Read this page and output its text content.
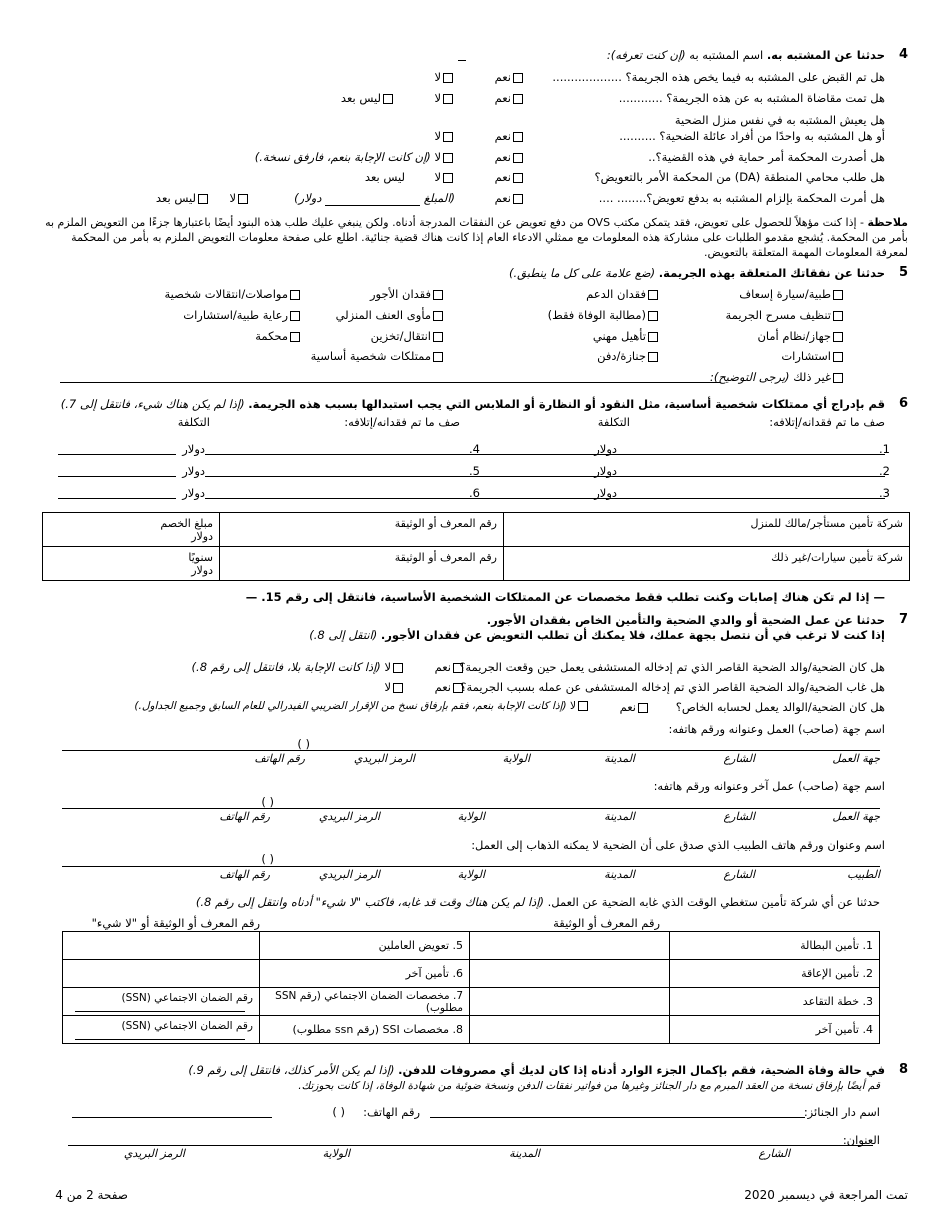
4
حدثنا عن المشتبه به. اسم المشتبه به (إن كنت تعرفه):
هل تم القبض على المشتبه به فيما يخص هذه الجريمة؟ ...................
نعم
لا
هل تمت مقاضاة المشتبه به عن هذه الجريمة؟ ............
نعم
لا
ليس بعد
هل يعيش المشتبه به في نفس منزل الضحية
أو هل المشتبه به واحدًا من أفراد عائلة الضحية؟ ..........
نعم
لا
هل أصدرت المحكمة أمر حماية في هذه القضية؟..
نعم
لا (إن كانت الإجابة بنعم، فارفق نسخة.)
هل طلب محامي المنطقة (DA) من المحكمة الأمر بالتعويض؟
نعم
لا
ليس بعد
هل أمرت المحكمة بإلزام المشتبه به بدفع تعويض؟........ ....
نعم
(المبلغ   دولار)
لا
ليس بعد
ملاحظة - إذا كنت مؤهلاً للحصول على تعويض، فقد يتمكن مكتب OVS من دفع تعويض عن النفقات المدرجة أدناه. ولكن ينبغي عليك طلب هذه البنود أيضًا باعتبارها جزءًا من التعويض الملزم به بأمر من المحكمة. يُشجع مقدمو الطلبات على مشاركة هذه المعلومات مع ممثلي الادعاء العام إذا كانت هناك قضية جنائية. اطلع على صفحة معلومات التعويض الملزم به بأمر من المحكمة لمعرفة المعلومات المهمة المتعلقة بالتعويض.
5
حدثنا عن نفقاتك المتعلقة بهذه الجريمة. (ضع علامة على كل ما ينطبق.)
طبية/سيارة إسعاف
تنظيف مسرح الجريمة
جهاز/نظام أمان
استشارات
فقدان الدعم
(مطالبة الوفاة فقط)
تأهيل مهني
جنازة/دفن
فقدان الأجور
مأوى العنف المنزلي
انتقال/تخزين
ممتلكات شخصية أساسية
مواصلات/انتقالات شخصية
رعاية طبية/استشارات
محكمة
غير ذلك (يرجى التوضيح):
6
قم بإدراج أي ممتلكات شخصية أساسية، مثل النقود أو النظارة أو الملابس التي يجب استبدالها بسبب هذه الجريمة. (إذا لم يكن هناك شيء، فانتقل إلى 7.)
صف ما تم فقدانه/إتلافه:
التكلفة
صف ما تم فقدانه/إتلافه:
التكلفة
1.
دولار
2.
دولار
3.
دولار
4.
دولار
5.
دولار
6.
دولار
شركة تأمين مستأجر/مالك للمنزل	رقم المعرف أو الوثيقة	مبلغ الخصم
دولار

شركة تأمين سيارات/غير ذلك	رقم المعرف أو الوثيقة	سنويًا
دولار
— إذا لم تكن هناك إصابات وكنت تطلب فقط مخصصات عن الممتلكات الشخصية الأساسية، فانتقل إلى رقم 15. —
7
حدثنا عن عمل الضحية أو والدي الضحية والتأمين الخاص بفقدان الأجور.
إذا كنت لا ترغب في أن نتصل بجهة عملك، فلا يمكنك أن تطلب التعويض عن فقدان الأجور. (انتقل إلى 8.)
هل كان الضحية/والد الضحية القاصر الذي تم إدخاله المستشفى يعمل حين وقعت الجريمة؟
نعم
لا (إذا كانت الإجابة بلا، فانتقل إلى رقم 8.)
هل غاب الضحية/والد الضحية القاصر الذي تم إدخاله المستشفى عن عمله بسبب الجريمة؟
نعم
لا
هل كان الضحية/الوالد يعمل لحسابه الخاص؟
نعم
لا (إذا كانت الإجابة بنعم، فقم بإرفاق نسخ من الإقرار الضريبي الفيدرالي للعام السابق وجميع الجداول.)
اسم جهة (صاحب) العمل وعنوانه ورقم هاتفه:
( )
جهة العمل
الشارع
المدينة
الولاية
الرمز البريدي
رقم الهاتف
اسم جهة (صاحب) عمل آخر وعنوانه ورقم هاتفه:
( )
جهة العمل
الشارع
المدينة
الولاية
الرمز البريدي
رقم الهاتف
اسم وعنوان ورقم هاتف الطبيب الذي صدق على أن الضحية لا يمكنه الذهاب إلى العمل:
( )
الطبيب
الشارع
المدينة
الولاية
الرمز البريدي
رقم الهاتف
حدثنا عن أي شركة تأمين ستغطي الوقت الذي غابه الضحية عن العمل. (إذا لم يكن هناك وقت قد غابه، فاكتب "لا شيء" أدناه وانتقل إلى رقم 8.)
رقم المعرف أو الوثيقة
رقم المعرف أو الوثيقة أو "لا شيء"
1. تأمين البطالة		5. تعويض العاملين	
2. تأمين الإعاقة		6. تأمين آخر	
3. خطة التقاعد		7. مخصصات الضمان الاجتماعي (رقم SSN مطلوب)	رقم الضمان الاجتماعي (SSN)

4. تأمين آخر		8. مخصصات SSI (رقم ssn مطلوب)	رقم الضمان الاجتماعي (SSN)
8
في حالة وفاة الضحية، فقم بإكمال الجزء الوارد أدناه إذا كان لديك أي مصروفات للدفن. (إذا لم يكن الأمر كذلك، فانتقل إلى رقم 9.)
قم أيضًا بإرفاق نسخة من العقد المبرم مع دار الجنائز وغيرها من فواتير نفقات الدفن ونسخة ضوئية من شهادة الوفاة، إذا كانت بحوزتك.
اسم دار الجنائز:
رقم الهاتف:
( )
العنوان:
الشارع
المدينة
الولاية
الرمز البريدي
تمت المراجعة في ديسمبر 2020
صفحة 2 من 4
